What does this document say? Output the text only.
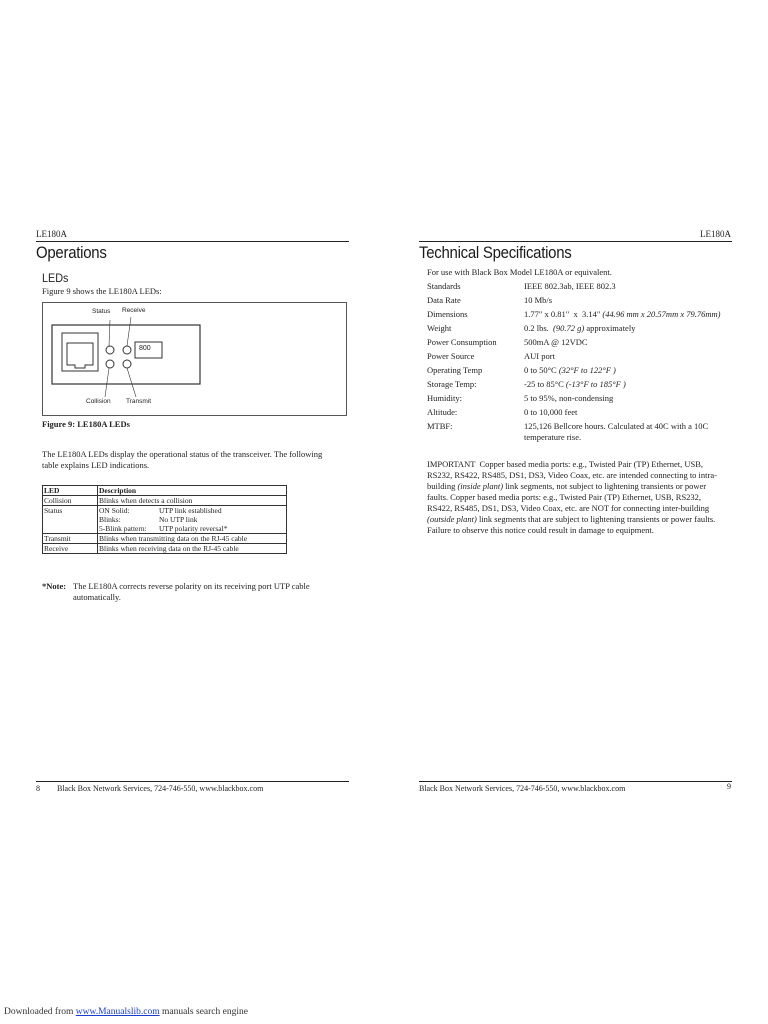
LE180A
Operations
LEDs
Figure 9 shows the LE180A LEDs:
Status Receive
Collision Transmit
800
Figure 9: LE180A LEDs
The LE180A LEDs display the operational status of the transceiver. The following
table explains LED indications.
LED	Description
Collision	Blinks when detects a collision
Status	ON Solid: UTP link established
Blinks: No UTP link
5-Blink pattern: UTP polarity reversal*

Transmit	Blinks when transmitting data on the RJ-45 cable
Receive	Blinks when receiving data on the RJ-45 cable
*Note: The LE180A corrects reverse polarity on its receiving port UTP cable
automatically.
8 Black Box Network Services, 724-746-550, www.blackbox.com
LE180A
Technical Specifications
For use with Black Box Model LE180A or equivalent.
Standards	IEEE 802.3ab, IEEE 802.3
Data Rate	10 Mb/s
Dimensions	1.77" x 0.81"  x  3.14" (44.96 mm x 20.57mm x 79.76mm)
Weight	0.2 lbs.  (90.72 g) approximately
Power Consumption	500mA @ 12VDC
Power Source	AUI port
Operating Temp	0 to 50°C (32°F to 122°F )
Storage Temp:	-25 to 85°C (-13°F to 185°F )
Humidity:	5 to 95%, non-condensing
Altitude:	0 to 10,000 feet
MTBF:	125,126 Bellcore hours. Calculated at 40C with a 10C
temperature rise.
IMPORTANT  Copper based media ports: e.g., Twisted Pair (TP) Ethernet, USB,
RS232, RS422, RS485, DS1, DS3, Video Coax, etc. are intended connecting to intra-
building (inside plant) link segments, not subject to lightening transients or power
faults. Copper based media ports: e.g., Twisted Pair (TP) Ethernet, USB, RS232,
RS422, RS485, DS1, DS3, Video Coax, etc. are NOT for connecting inter-building
(outside plant) link segments that are subject to lightening transients or power faults.
Failure to observe this notice could result in damage to equipment.
Black Box Network Services, 724-746-550, www.blackbox.com	9
Downloaded from www.Manualslib.com manuals search engine
